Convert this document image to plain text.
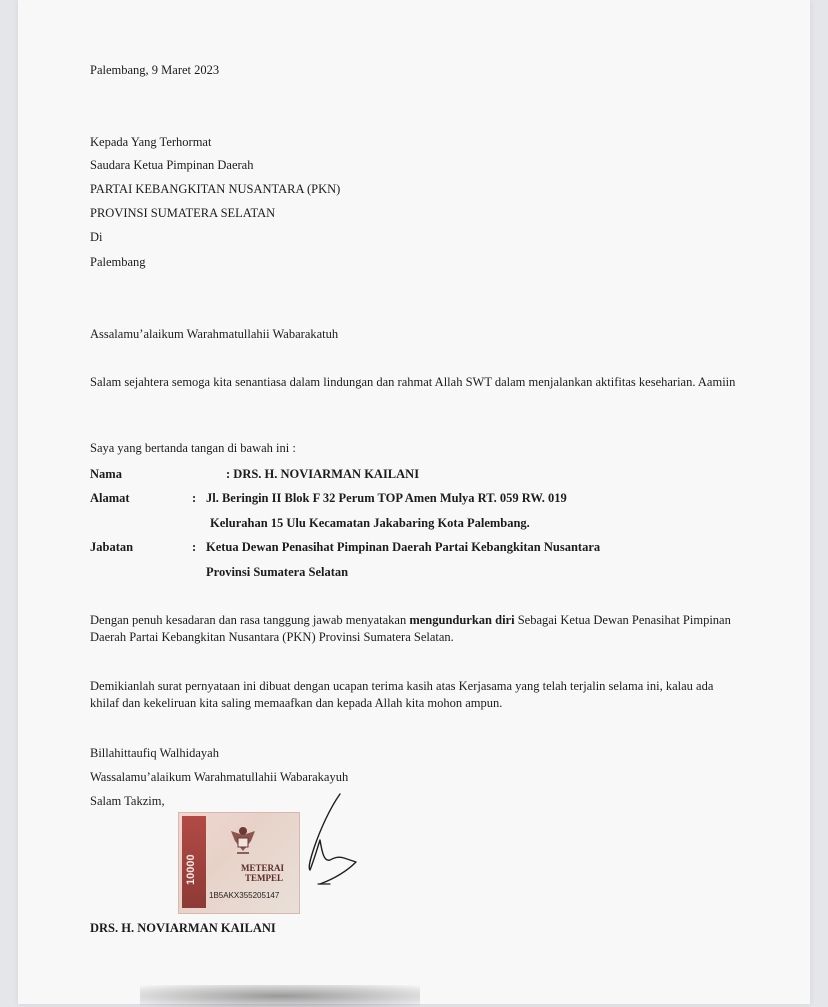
Palembang, 9 Maret 2023
Kepada Yang Terhormat
Saudara Ketua Pimpinan Daerah
PARTAI KEBANGKITAN NUSANTARA (PKN)
PROVINSI SUMATERA SELATAN
Di
Palembang
Assalamu’alaikum Warahmatullahii Wabarakatuh
Salam sejahtera semoga kita senantiasa dalam lindungan dan rahmat Allah SWT dalam menjalankan aktifitas keseharian. Aamiin
Saya yang bertanda tangan di bawah ini :
Nama	: DRS. H. NOVIARMAN KAILANI
Alamat	: Jl. Beringin II Blok F 32 Perum TOP Amen Mulya RT. 059 RW. 019
Kelurahan 15 Ulu Kecamatan Jakabaring Kota Palembang.
Jabatan	: Ketua Dewan Penasihat Pimpinan Daerah Partai Kebangkitan Nusantara
Provinsi Sumatera Selatan
Dengan penuh kesadaran dan rasa tanggung jawab menyatakan mengundurkan diri Sebagai Ketua Dewan Penasihat Pimpinan Daerah Partai Kebangkitan Nusantara (PKN) Provinsi Sumatera Selatan.
Demikianlah surat pernyataan ini dibuat dengan ucapan terima kasih atas Kerjasama yang telah terjalin selama ini, kalau ada khilaf dan kekeliruan kita saling memaafkan dan kepada Allah kita mohon ampun.
Billahittaufiq Walhidayah
Wassalamu’alaikum Warahmatullahii Wabarakayuh
Salam Takzim,
DRS. H. NOVIARMAN KAILANI
10000	METERAI
TEMPEL
1B5AKX355205147
